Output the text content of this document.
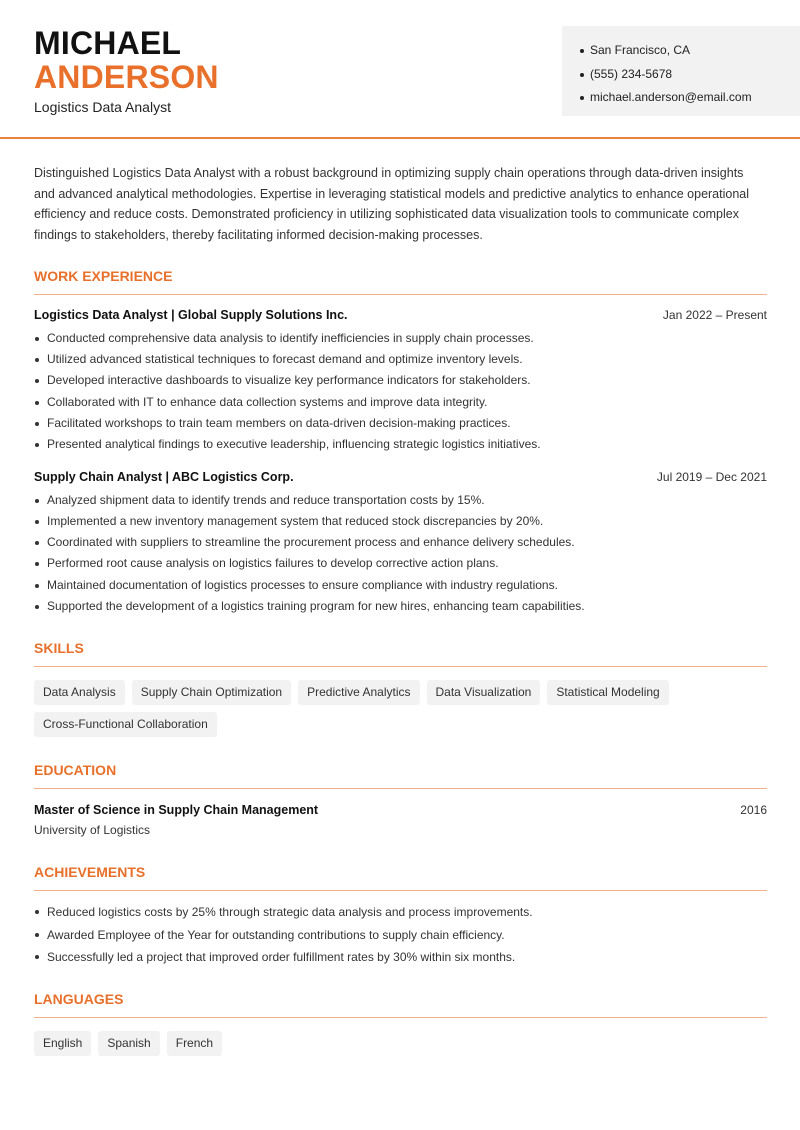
MICHAEL
ANDERSON
Logistics Data Analyst
San Francisco, CA
(555) 234-5678
michael.anderson@email.com

Distinguished Logistics Data Analyst with a robust background in optimizing supply chain operations through data-driven insights and advanced analytical methodologies. Expertise in leveraging statistical models and predictive analytics to enhance operational efficiency and reduce costs. Demonstrated proficiency in utilizing sophisticated data visualization tools to communicate complex findings to stakeholders, thereby facilitating informed decision-making processes.

WORK EXPERIENCE
Logistics Data Analyst | Global Supply Solutions Inc.	Jan 2022 – Present
Conducted comprehensive data analysis to identify inefficiencies in supply chain processes.
Utilized advanced statistical techniques to forecast demand and optimize inventory levels.
Developed interactive dashboards to visualize key performance indicators for stakeholders.
Collaborated with IT to enhance data collection systems and improve data integrity.
Facilitated workshops to train team members on data-driven decision-making practices.
Presented analytical findings to executive leadership, influencing strategic logistics initiatives.
Supply Chain Analyst | ABC Logistics Corp.	Jul 2019 – Dec 2021
Analyzed shipment data to identify trends and reduce transportation costs by 15%.
Implemented a new inventory management system that reduced stock discrepancies by 20%.
Coordinated with suppliers to streamline the procurement process and enhance delivery schedules.
Performed root cause analysis on logistics failures to develop corrective action plans.
Maintained documentation of logistics processes to ensure compliance with industry regulations.
Supported the development of a logistics training program for new hires, enhancing team capabilities.
SKILLS
Data Analysis	Supply Chain Optimization	Predictive Analytics	Data Visualization	Statistical Modeling
Cross-Functional Collaboration
EDUCATION
Master of Science in Supply Chain Management	2016
University of Logistics
ACHIEVEMENTS
Reduced logistics costs by 25% through strategic data analysis and process improvements.
Awarded Employee of the Year for outstanding contributions to supply chain efficiency.
Successfully led a project that improved order fulfillment rates by 30% within six months.
LANGUAGES
English	Spanish	French
